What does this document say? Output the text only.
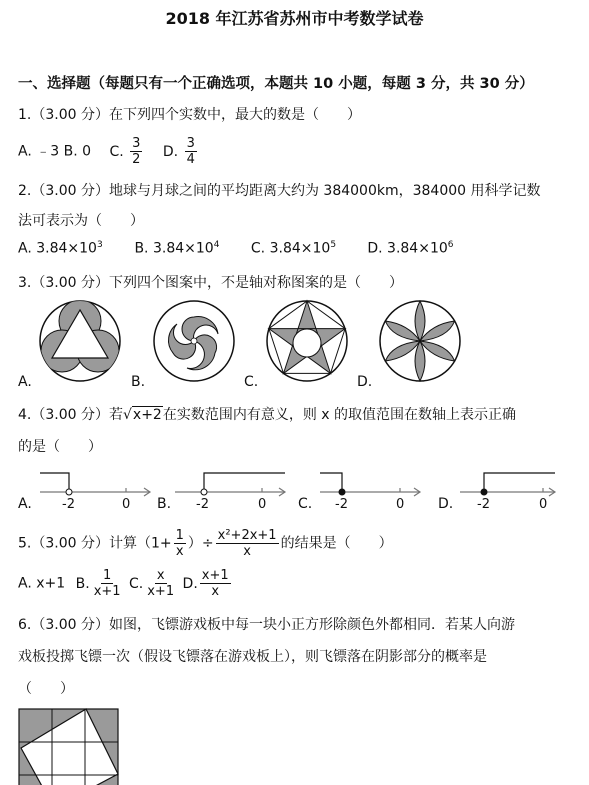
2018 年江苏省苏州市中考数学试卷
一、选择题（每题只有一个正确选项，本题共 10 小题，每题 3 分，共 30 分）
1.（3.00 分）在下列四个实数中，最大的数是（　　）
A. ﹣3 B. 0 C. $\frac{3}{2} D$. $\frac{3}{4}$
2.（3.00 分）地球与月球之间的平均距离大约为 384000km，384000 用科学记数
法可表示为（　　）
A. $3.84\times 10^3$ B. $3.84\times 10^4$ C. $3.84\times 10^5$ D. $3.84\times 10^6$
3.（3.00 分）下列四个图案中，不是轴对称图案的是（　　）
A.	B.	C.	D.
4.（3.00 分）若√x+2在实数范围内有意义，则 x 的取值范围在数轴上表示正确
的是（　　）
-2	0	-2	0	-2	0	-2	0
A.	B.	C.	D.
5.（3.00 分）计算（$1+ \frac{1}{x}$ ）÷ $\frac{\text{x²+2x+1}}{x}$ 的结果是（　　）
A. x+1 B. $\frac{1}{x+1} C$. $\frac{x}{x+1} D$. $\frac{x+1}{x}$
6.（3.00 分）如图，飞镖游戏板中每一块小正方形除颜色外都相同．若某人向游
戏板投掷飞镖一次（假设飞镖落在游戏板上），则飞镖落在阴影部分的概率是
（　　）
